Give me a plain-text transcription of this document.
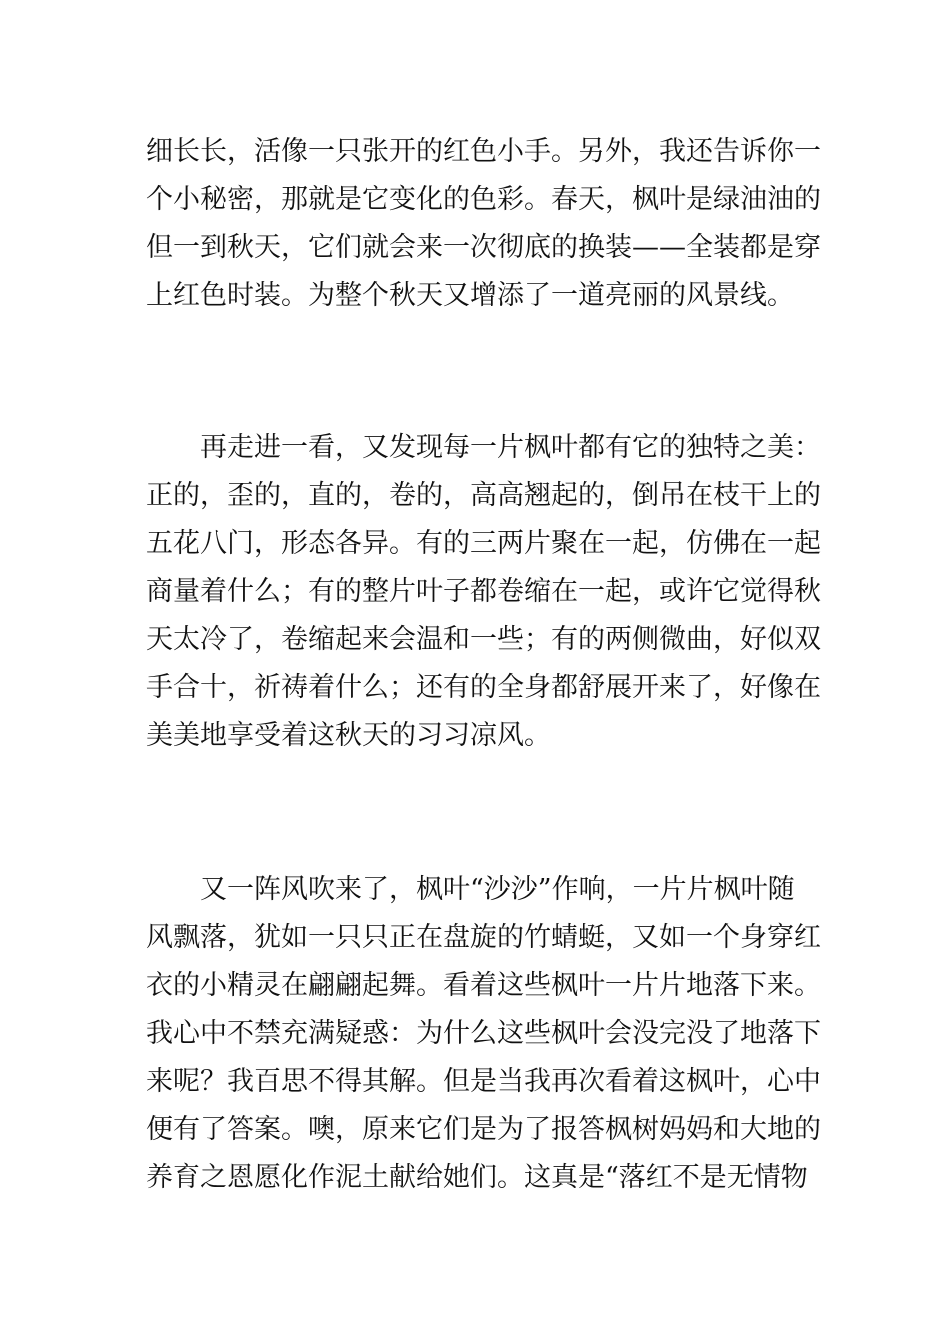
细长长，活像一只张开的红色小手。另外，我还告诉你一
个小秘密，那就是它变化的色彩。春天，枫叶是绿油油的
但一到秋天，它们就会来一次彻底的换装——全装都是穿
上红色时装。为整个秋天又增添了一道亮丽的风景线。
再走进一看，又发现每一片枫叶都有它的独特之美：
正的，歪的，直的，卷的，高高翘起的，倒吊在枝干上的
五花八门，形态各异。有的三两片聚在一起，仿佛在一起
商量着什么；有的整片叶子都卷缩在一起，或许它觉得秋
天太冷了，卷缩起来会温和一些；有的两侧微曲，好似双
手合十，祈祷着什么；还有的全身都舒展开来了，好像在
美美地享受着这秋天的习习凉风。
又一阵风吹来了，枫叶“沙沙”作响，一片片枫叶随
风飘落，犹如一只只正在盘旋的竹蜻蜓，又如一个身穿红
衣的小精灵在翩翩起舞。看着这些枫叶一片片地落下来。
我心中不禁充满疑惑：为什么这些枫叶会没完没了地落下
来呢？我百思不得其解。但是当我再次看着这枫叶，心中
便有了答案。噢，原来它们是为了报答枫树妈妈和大地的
养育之恩愿化作泥土献给她们。这真是“落红不是无情物
